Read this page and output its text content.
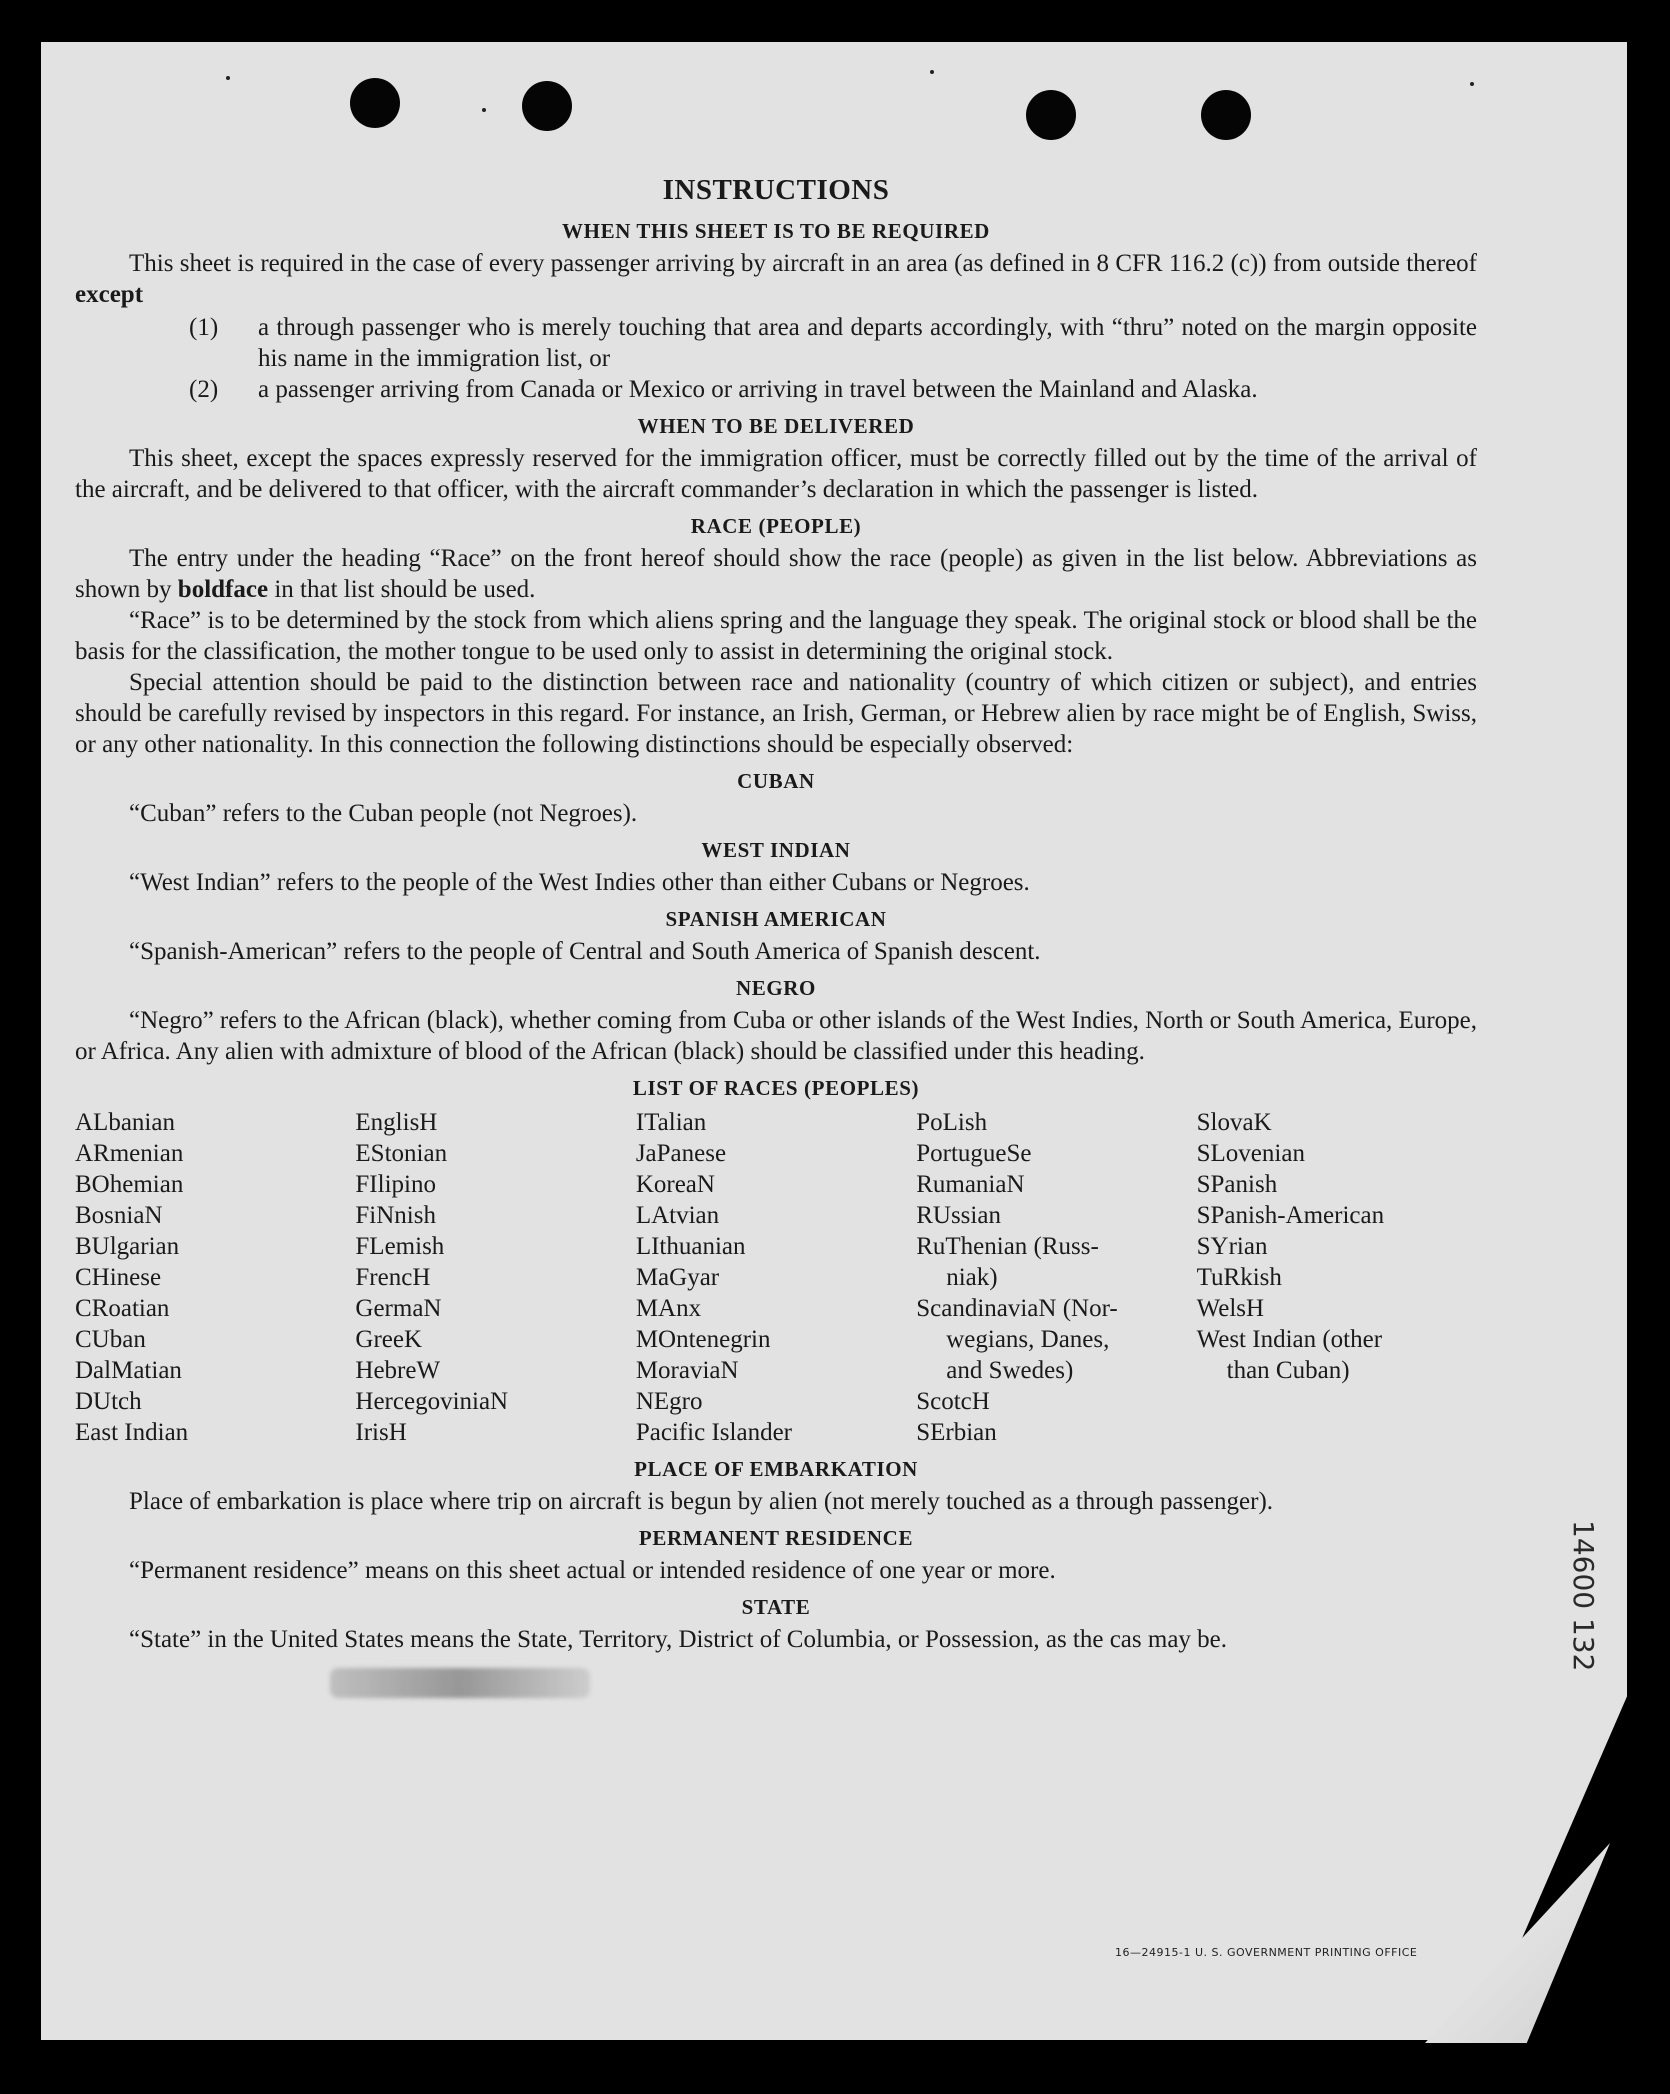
INSTRUCTIONS
WHEN THIS SHEET IS TO BE REQUIRED

This sheet is required in the case of every passenger arriving by aircraft in an area (as defined in 8 CFR 116.2 (c)) from outside thereof except

(1)	a through passenger who is merely touching that area and departs accordingly, with “thru” noted on the margin opposite his name in the immigration list, or
(2)	a passenger arriving from Canada or Mexico or arriving in travel between the Mainland and Alaska.
WHEN TO BE DELIVERED

This sheet, except the spaces expressly reserved for the immigration officer, must be correctly filled out by the time of the arrival of the aircraft, and be delivered to that officer, with the aircraft commander’s declaration in which the passenger is listed.

RACE (PEOPLE)

The entry under the heading “Race” on the front hereof should show the race (people) as given in the list below. Abbreviations as shown by boldface in that list should be used.

“Race” is to be determined by the stock from which aliens spring and the language they speak. The original stock or blood shall be the basis for the classification, the mother tongue to be used only to assist in determining the original stock.

Special attention should be paid to the distinction between race and nationality (country of which citizen or subject), and entries should be carefully revised by inspectors in this regard. For instance, an Irish, German, or Hebrew alien by race might be of English, Swiss, or any other nationality. In this connection the following distinctions should be especially observed:

CUBAN

“Cuban” refers to the Cuban people (not Negroes).

WEST INDIAN

“West Indian” refers to the people of the West Indies other than either Cubans or Negroes.

SPANISH AMERICAN

“Spanish-American” refers to the people of Central and South America of Spanish descent.

NEGRO

“Negro” refers to the African (black), whether coming from Cuba or other islands of the West Indies, North or South America, Europe, or Africa. Any alien with admixture of blood of the African (black) should be classified under this heading.

LIST OF RACES (PEOPLES)
ALbanian
ARmenian
BOhemian
BosniaN
BUlgarian
CHinese
CRoatian
CUban
DalMatian
DUtch
East Indian
EnglisH
EStonian
FIlipino
FiNnish
FLemish
FrencH
GermaN
GreeK
HebreW
HercegoviniaN
IrisH
ITalian
JaPanese
KoreaN
LAtvian
LIthuanian
MaGyar
MAnx
MOntenegrin
MoraviaN
NEgro
Pacific Islander
PoLish
PortugueSe
RumaniaN
RUssian
RuThenian (Russ-
niak)
ScandinaviaN (Nor-
wegians, Danes,
and Swedes)
ScotcH
SErbian
SlovaK
SLovenian
SPanish
SPanish-American
SYrian
TuRkish
WelsH
West Indian (other
than Cuban)
PLACE OF EMBARKATION

Place of embarkation is place where trip on aircraft is begun by alien (not merely touched as a through passenger).

PERMANENT RESIDENCE

“Permanent residence” means on this sheet actual or intended residence of one year or more.

STATE

“State” in the United States means the State, Territory, District of Columbia, or Possession, as the cas may be.	14600 132
16—24915-1 U. S. GOVERNMENT PRINTING OFFICE
